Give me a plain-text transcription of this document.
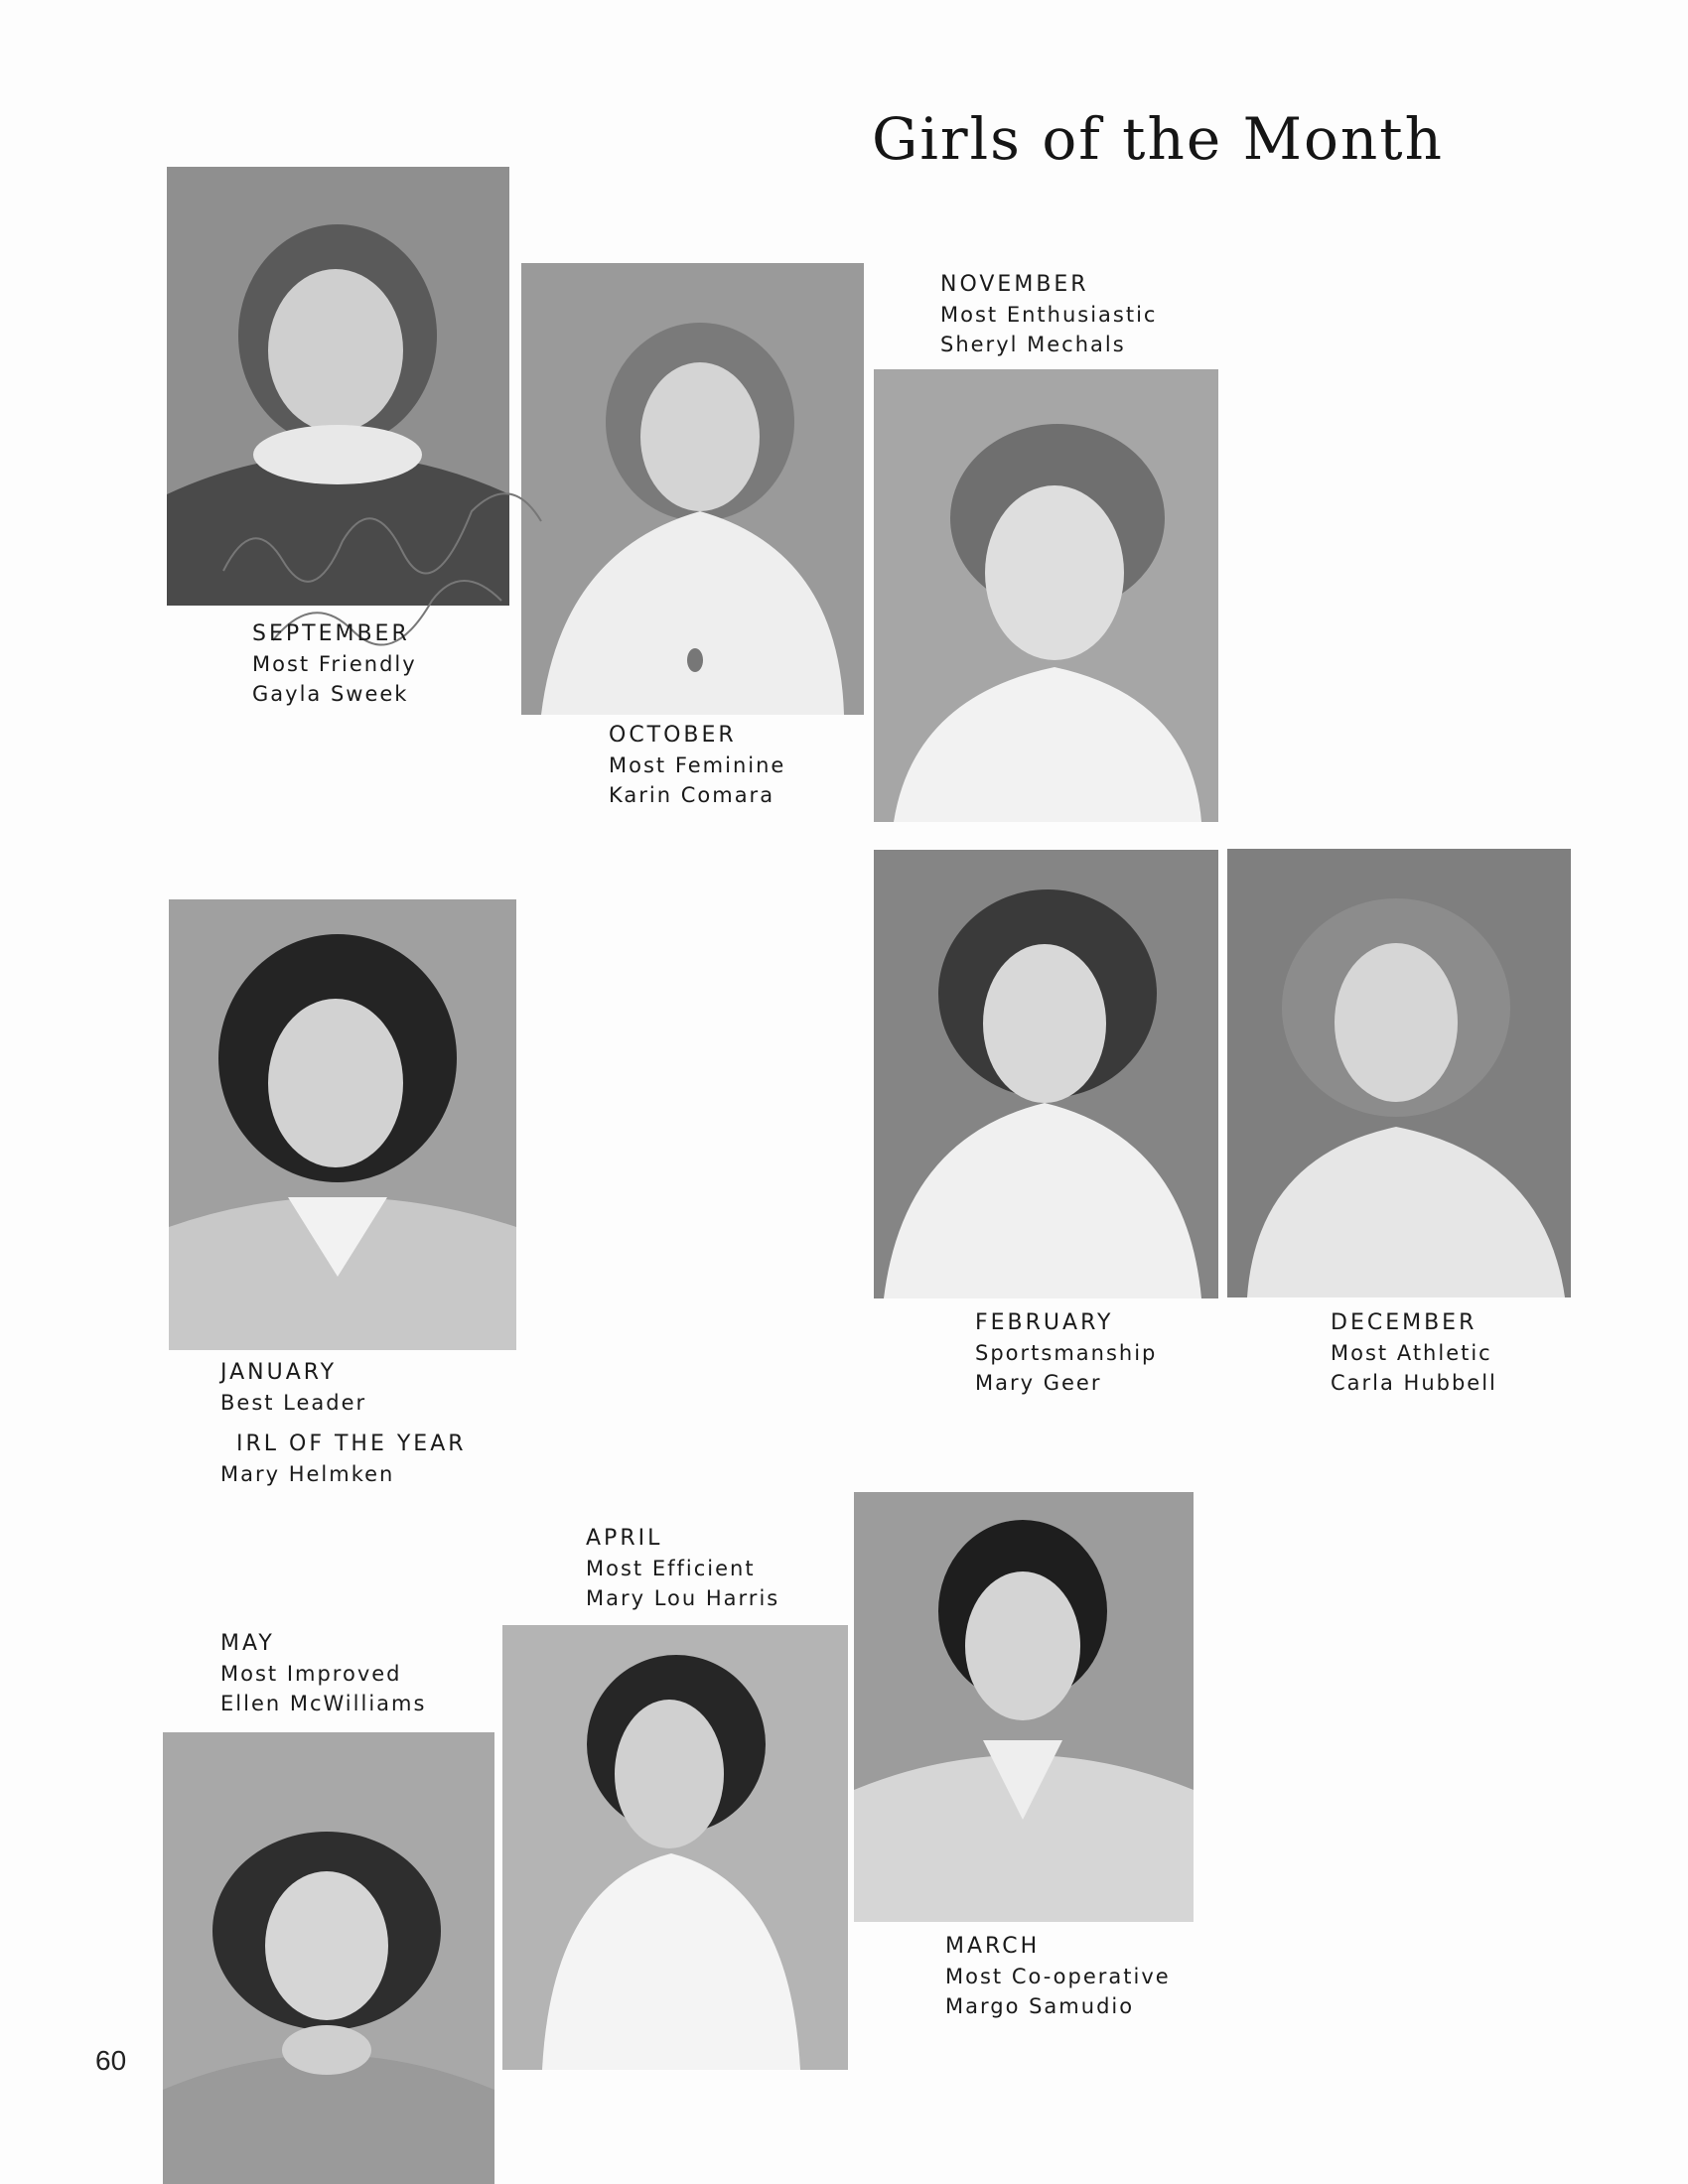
Girls of the Month
SEPTEMBER
Most Friendly
Gayla Sweek
OCTOBER
Most Feminine
Karin Comara
NOVEMBER
Most Enthusiastic
Sheryl Mechals
JANUARY
Best Leader
IRL OF THE YEAR
Mary Helmken
FEBRUARY
Sportsmanship
Mary Geer
DECEMBER
Most Athletic
Carla Hubbell
APRIL
Most Efficient
Mary Lou Harris
MAY
Most Improved
Ellen McWilliams
MARCH
Most Co-operative
Margo Samudio
60
